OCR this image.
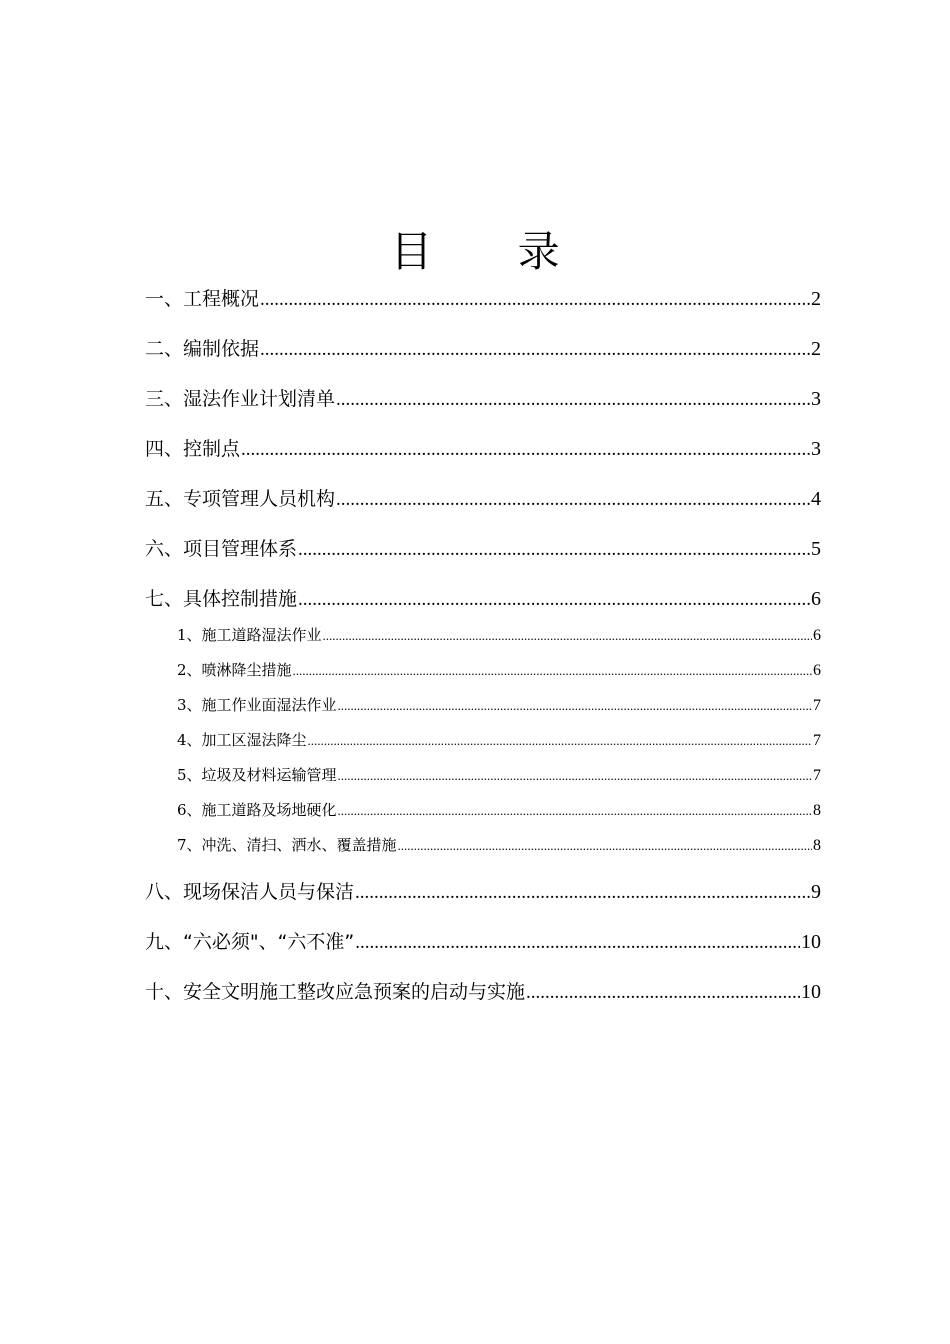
目 录
一、工程概况 .....	2
二、编制依据 .....	2
三、湿法作业计划清单 .....	3
四、控制点 .....	3
五、专项管理人员机构 .....	4
六、项目管理体系 .....	5
七、具体控制措施 .....	6
1、施工道路湿法作业 .....	6
2、喷淋降尘措施 .....	6
3、施工作业面湿法作业 .....	7
4、加工区湿法降尘 .....	7
5、垃圾及材料运输管理 .....	7
6、施工道路及场地硬化 .....	8
7、冲洗、清扫、洒水、覆盖措施 .....	8
八、现场保洁人员与保洁 .....	9
九、“六必须"、“六不准” .....	10
十、安全文明施工整改应急预案的启动与实施 .....	10
